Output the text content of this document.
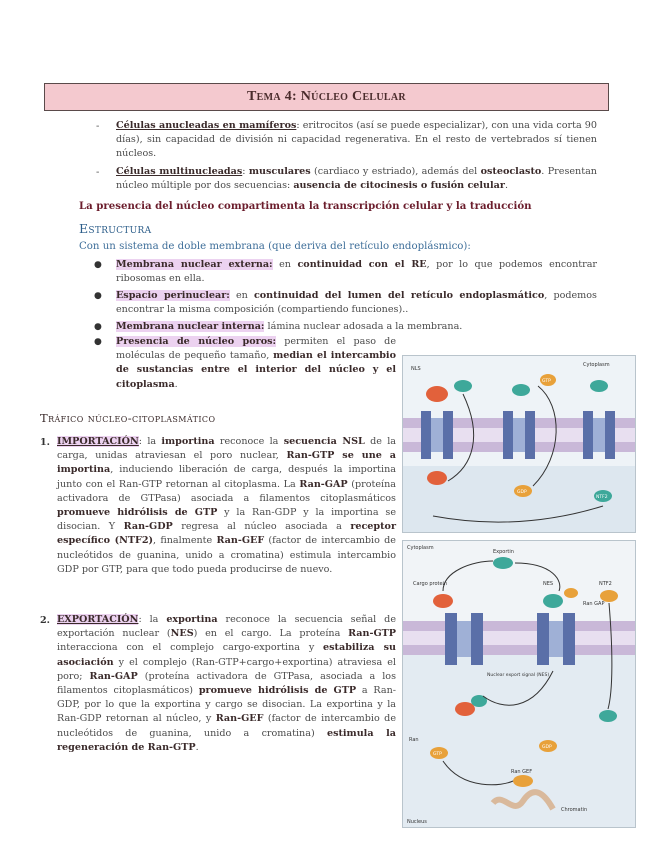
Tema 4: Núcleo Celular
- Células anucleadas en mamíferos: eritrocitos (así se puede especializar), con una vida corta 90 días), sin capacidad de división ni capacidad regenerativa. En el resto de vertebrados sí tienen núcleos.
- Células multinucleadas: musculares (cardiaco y estriado), además del osteoclasto. Presentan núcleo múltiple por dos secuencias: ausencia de citocinesis o fusión celular.
La presencia del núcleo compartimenta la transcripción celular y la traducción
Estructura
Con un sistema de doble membrana (que deriva del retículo endoplásmico):
● Membrana nuclear externa: en continuidad con el RE, por lo que podemos encontrar ribosomas en ella.
● Espacio perinuclear: en continuidad del lumen del retículo endoplasmático, podemos encontrar la misma composición (compartiendo funciones)..
● Membrana nuclear interna: lámina nuclear adosada a la membrana.
● Presencia de núcleo poros: permiten el paso de moléculas de pequeño tamaño, median el intercambio de sustancias entre el interior del núcleo y el citoplasma.
Tráfico núcleo-citoplasmático
1. IMPORTACIÓN: la importina reconoce la secuencia NSL de la carga, unidas atraviesan el poro nuclear, Ran-GTP se une a importina, induciendo liberación de carga, después la importina junto con el Ran-GTP retornan al citoplasma. La Ran-GAP (proteína activadora de GTPasa) asociada a filamentos citoplasmáticos promueve hidrólisis de GTP y la Ran-GDP y la importina se disocian. Y Ran-GDP regresa al núcleo asociada a receptor específico (NTF2), finalmente Ran-GEF (factor de intercambio de nucleótidos de guanina, unido a cromatina) estimula intercambio GDP por GTP, para que todo pueda producirse de nuevo.
2. EXPORTACIÓN: la exportina reconoce la secuencia señal de exportación nuclear (NES) en el cargo. La proteína Ran-GTP interacciona con el complejo cargo-exportina y estabiliza su asociación y el complejo (Ran-GTP+cargo+exportina) atraviesa el poro; Ran-GAP (proteína activadora de GTPasa, asociada a los filamentos citoplasmáticos) promueve hidrólisis de GTP a Ran-GDP, por lo que la exportina y cargo se disocian. La exportina y la Ran-GDP retornan al núcleo, y Ran-GEF (factor de intercambio de nucleótidos de guanina, unido a cromatina) estimula la regeneración de Ran-GTP.
Cytoplasm
NLS
GTP
GDP
NTF2
Cytoplasm
Cargo protein
Exportin
NES	NTF2
Nuclear export signal (NES)
GTP
GDP
Ran
Ran GEF
Ran GAP
Chromatin
Nucleus
